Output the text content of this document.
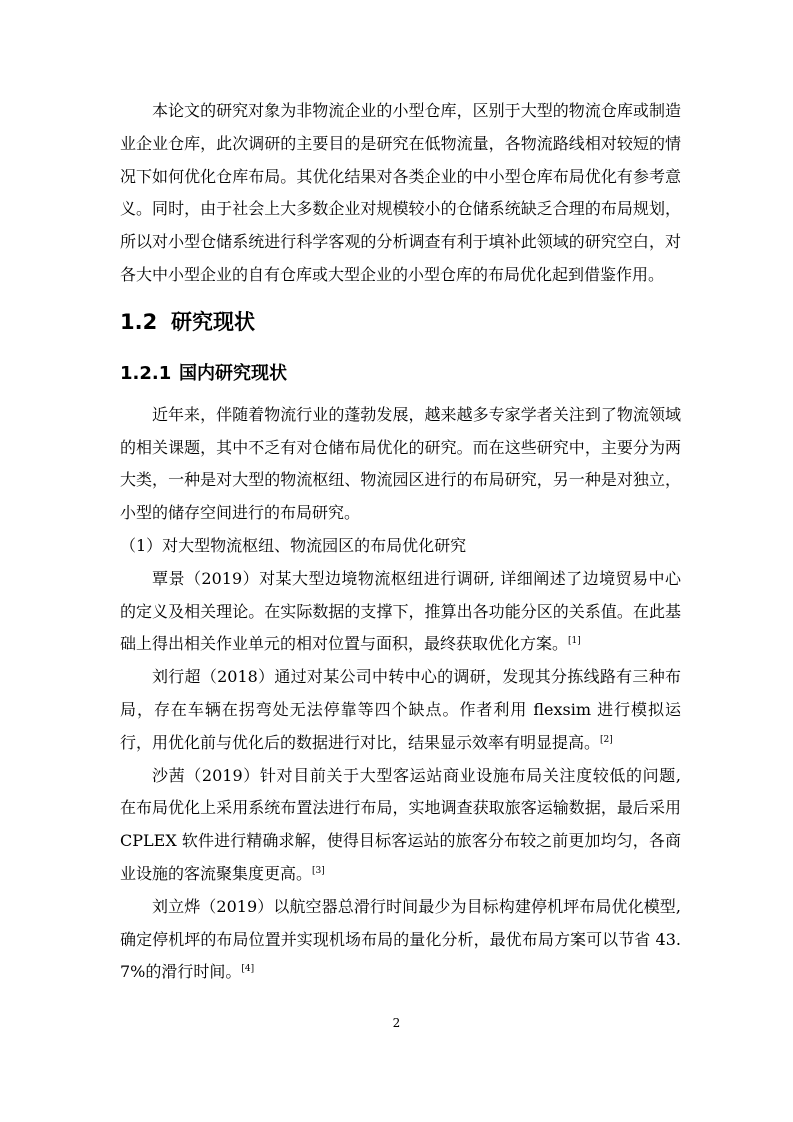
本论文的研究对象为非物流企业的小型仓库，区别于大型的物流仓库或制造业企业仓库，此次调研的主要目的是研究在低物流量，各物流路线相对较短的情况下如何优化仓库布局。其优化结果对各类企业的中小型仓库布局优化有参考意义。同时，由于社会上大多数企业对规模较小的仓储系统缺乏合理的布局规划，所以对小型仓储系统进行科学客观的分析调查有利于填补此领域的研究空白，对各大中小型企业的自有仓库或大型企业的小型仓库的布局优化起到借鉴作用。

1.2 研究现状
1.2.1 国内研究现状

近年来，伴随着物流行业的蓬勃发展，越来越多专家学者关注到了物流领域的相关课题，其中不乏有对仓储布局优化的研究。而在这些研究中，主要分为两大类，一种是对大型的物流枢纽、物流园区进行的布局研究，另一种是对独立，小型的储存空间进行的布局研究。

（1）对大型物流枢纽、物流园区的布局优化研究

覃景（2019）对某大型边境物流枢纽进行调研, 详细阐述了边境贸易中心的定义及相关理论。在实际数据的支撑下，推算出各功能分区的关系值。在此基础上得出相关作业单元的相对位置与面积，最终获取优化方案。[1]

刘行超（2018）通过对某公司中转中心的调研，发现其分拣线路有三种布局，存在车辆在拐弯处无法停靠等四个缺点。作者利用 flexsim 进行模拟运行，用优化前与优化后的数据进行对比，结果显示效率有明显提高。[2]

沙茜（2019）针对目前关于大型客运站商业设施布局关注度较低的问题, 在布局优化上采用系统布置法进行布局，实地调查获取旅客运输数据，最后采用 CPLEX 软件进行精确求解，使得目标客运站的旅客分布较之前更加均匀，各商业设施的客流聚集度更高。[3]

刘立烨（2019）以航空器总滑行时间最少为目标构建停机坪布局优化模型, 确定停机坪的布局位置并实现机场布局的量化分析，最优布局方案可以节省 43. 7%的滑行时间。[4]

2
